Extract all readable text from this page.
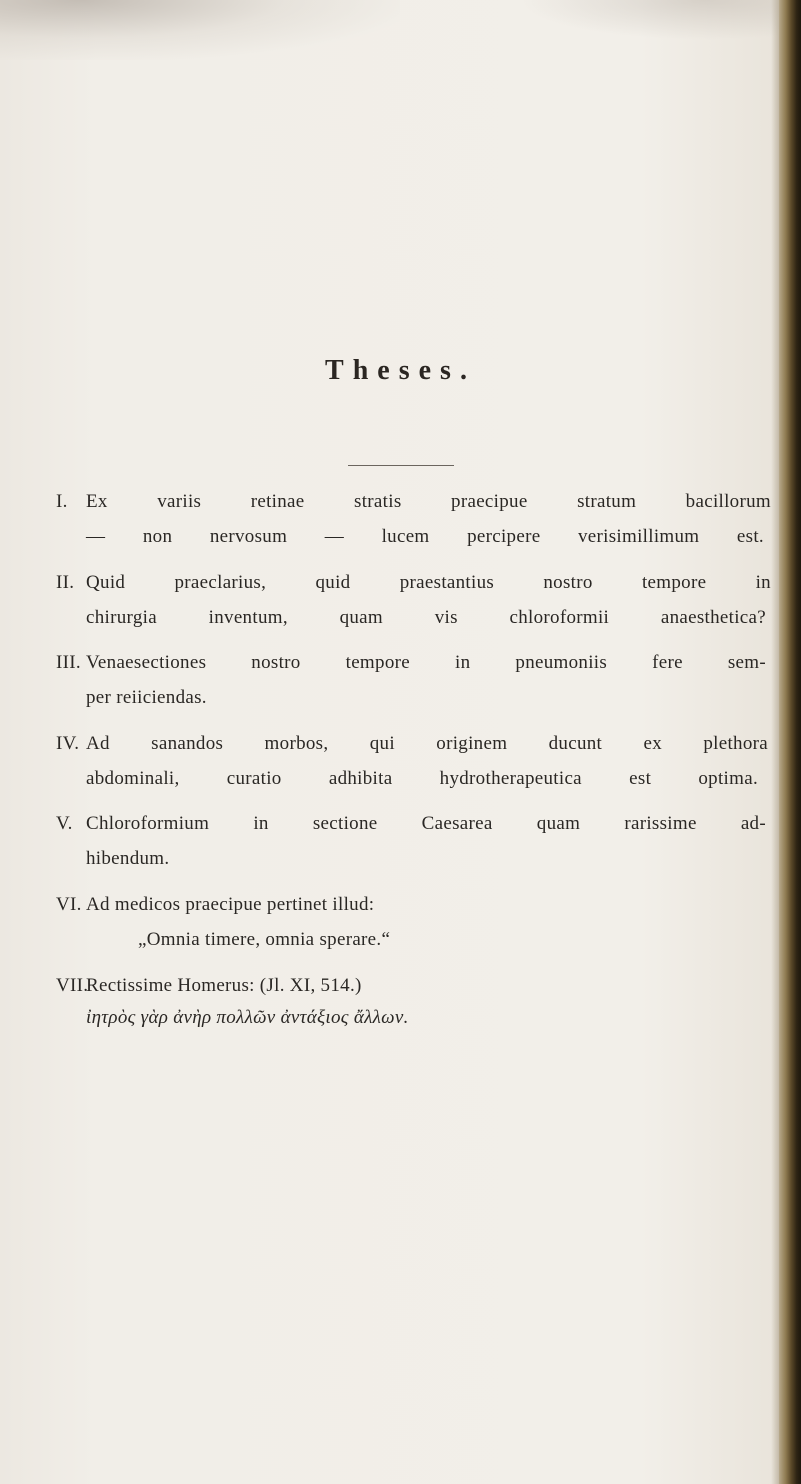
Theses.
I. Ex variis retinae stratis praecipue stratum bacillorum
— non nervosum — lucem percipere verisimillimum est.
II. Quid praeclarius, quid praestantius nostro tempore in
chirurgia inventum, quam vis chloroformii anaesthetica?
III. Venaesectiones nostro tempore in pneumoniis fere sem-
per reiiciendas.
IV. Ad sanandos morbos, qui originem ducunt ex plethora
abdominali, curatio adhibita hydrotherapeutica est optima.
V. Chloroformium in sectione Caesarea quam rarissime ad-
hibendum.
VI. Ad medicos praecipue pertinet illud:
„Omnia timere, omnia sperare.“
VII.
Rectissime Homerus: (Jl. XI, 514.)
ἰητρὸς γὰρ ἀνὴρ πολλῶν ἀντάξιος ἄλλων.
